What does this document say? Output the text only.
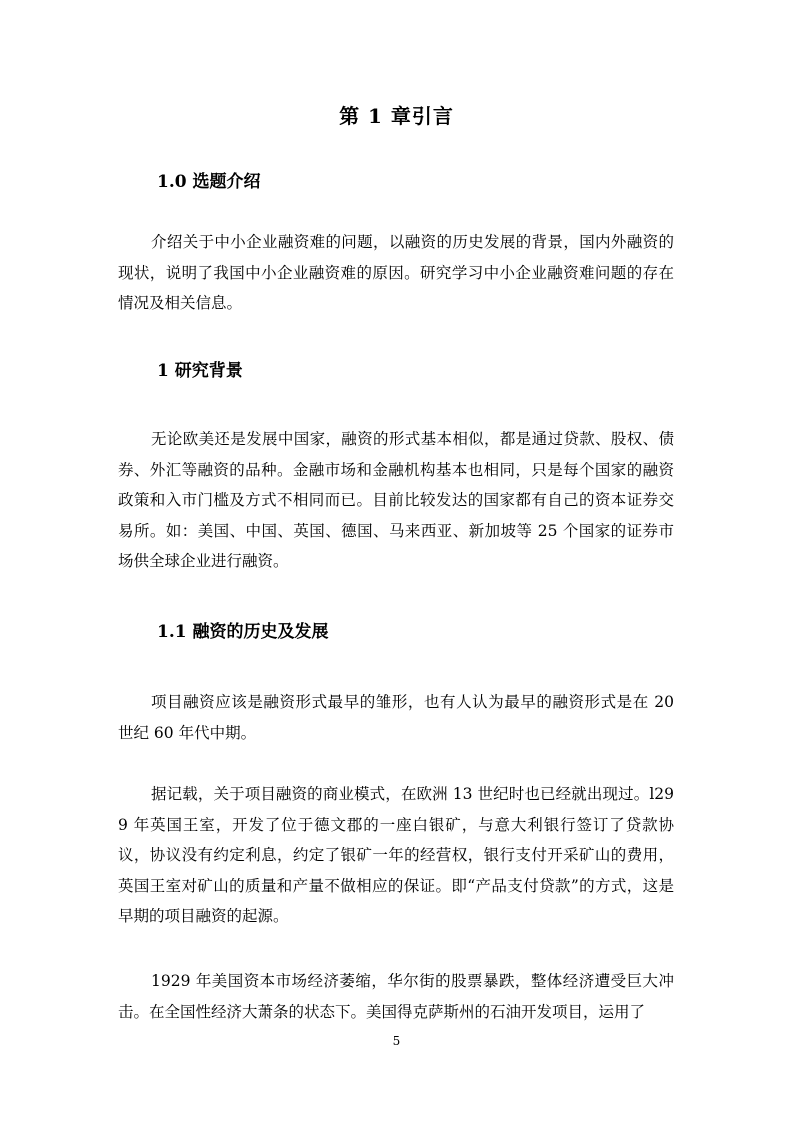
第 1 章引言
1.0 选题介绍

介绍关于中小企业融资难的问题，以融资的历史发展的背景，国内外融资的现状，说明了我国中小企业融资难的原因。研究学习中小企业融资难问题的存在情况及相关信息。

1 研究背景

无论欧美还是发展中国家，融资的形式基本相似，都是通过贷款、股权、债券、外汇等融资的品种。金融市场和金融机构基本也相同，只是每个国家的融资政策和入市门槛及方式不相同而已。目前比较发达的国家都有自己的资本证券交易所。如：美国、中国、英国、德国、马来西亚、新加坡等 25 个国家的证券市场供全球企业进行融资。

1.1 融资的历史及发展

项目融资应该是融资形式最早的雏形，也有人认为最早的融资形式是在 20 世纪 60 年代中期。

据记载，关于项目融资的商业模式，在欧洲 13 世纪时也已经就出现过。l299 年英国王室，开发了位于德文郡的一座白银矿，与意大利银行签订了贷款协议，协议没有约定利息，约定了银矿一年的经营权，银行支付开采矿山的费用，英国王室对矿山的质量和产量不做相应的保证。即“产品支付贷款”的方式，这是早期的项目融资的起源。

1929 年美国资本市场经济萎缩，华尔街的股票暴跌，整体经济遭受巨大冲击。在全国性经济大萧条的状态下。美国得克萨斯州的石油开发项目，运用了

5
